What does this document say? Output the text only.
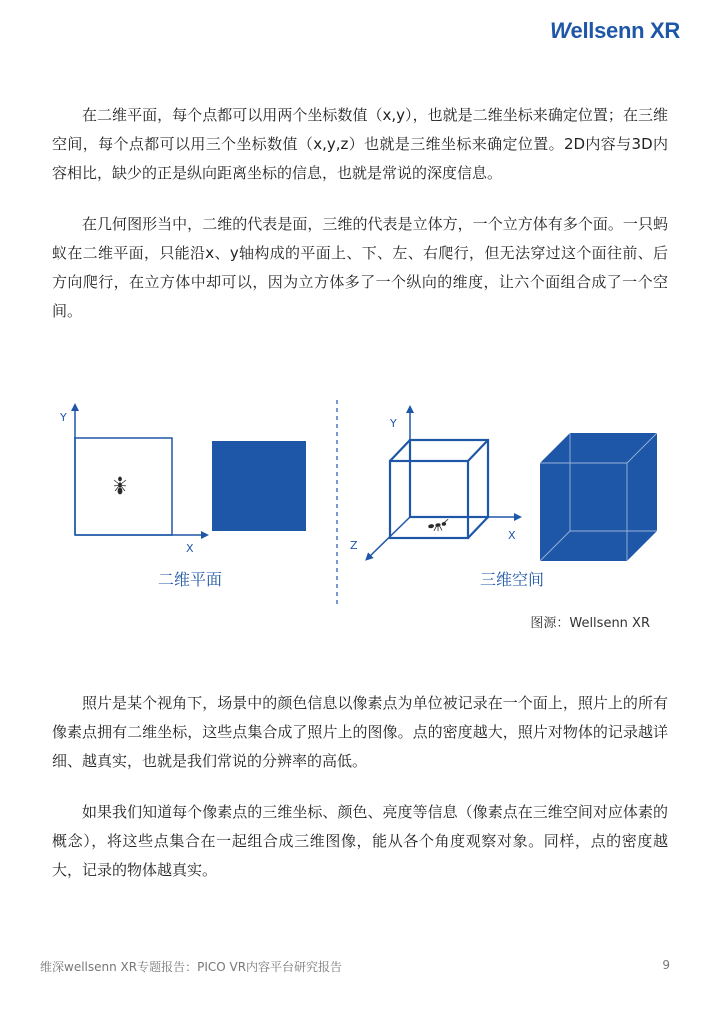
Wellsenn XR

在二维平面，每个点都可以用两个坐标数值（x,y），也就是二维坐标来确定位置；在三维空间，每个点都可以用三个坐标数值（x,y,z）也就是三维坐标来确定位置。2D内容与3D内容相比，缺少的正是纵向距离坐标的信息，也就是常说的深度信息。

在几何图形当中，二维的代表是面，三维的代表是立体方，一个立方体有多个面。一只蚂蚁在二维平面，只能沿x、y轴构成的平面上、下、左、右爬行，但无法穿过这个面往前、后方向爬行，在立方体中却可以，因为立方体多了一个纵向的维度，让六个面组合成了一个空间。

Y
X
Y
X
Z
二维平面	三维空间
图源：Wellsenn XR

照片是某个视角下，场景中的颜色信息以像素点为单位被记录在一个面上，照片上的所有像素点拥有二维坐标，这些点集合成了照片上的图像。点的密度越大，照片对物体的记录越详细、越真实，也就是我们常说的分辨率的高低。

如果我们知道每个像素点的三维坐标、颜色、亮度等信息（像素点在三维空间对应体素的概念），将这些点集合在一起组合成三维图像，能从各个角度观察对象。同样，点的密度越大，记录的物体越真实。

维深wellsenn XR专题报告：PICO VR内容平台研究报告	9
